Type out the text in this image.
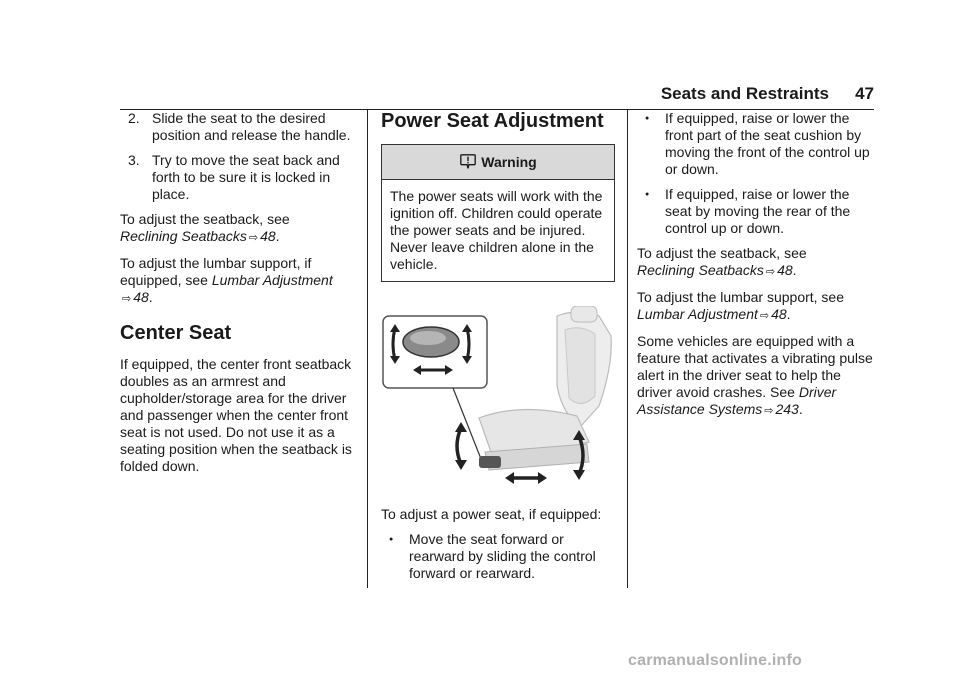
Seats and Restraints 47
2. Slide the seat to the desired position and release the handle.
3. Try to move the seat back and forth to be sure it is locked in place.

To adjust the seatback, see
Reclining Seatbacks ⇨ 48.

To adjust the lumbar support, if equipped, see Lumbar Adjustment
⇨ 48.

Center Seat

If equipped, the center front seatback doubles as an armrest and cupholder/storage area for the driver and passenger when the center front seat is not used. Do not use it as a seating position when the seatback is folded down.

Power Seat Adjustment
Warning
The power seats will work with the ignition off. Children could operate the power seats and be injured. Never leave children alone in the vehicle.

To adjust a power seat, if equipped:

●	Move the seat forward or rearward by sliding the control forward or rearward.
●	If equipped, raise or lower the front part of the seat cushion by moving the front of the control up or down.
●	If equipped, raise or lower the seat by moving the rear of the control up or down.

To adjust the seatback, see
Reclining Seatbacks ⇨ 48.

To adjust the lumbar support, see
Lumbar Adjustment ⇨ 48.

Some vehicles are equipped with a feature that activates a vibrating pulse alert in the driver seat to help the driver avoid crashes. See Driver Assistance Systems ⇨ 243.

carmanualsonline.info
